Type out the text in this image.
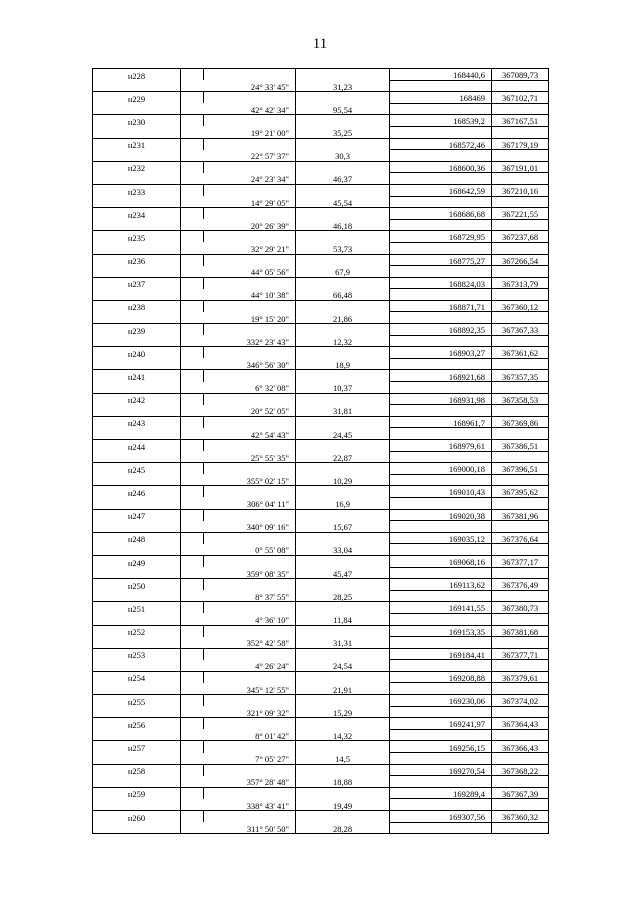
11
н228				168440,6	367089,73
	24° 33' 45"		31,23		
н229				168469	367102,71
	42° 42' 34"		95,54		
н230				168539,2	367167,51
	19° 21' 00"		35,25		
н231				168572,46	367179,19
	22° 57' 37"		30,3		
н232				168600,36	367191,01
	24° 23' 34"		46,37		
н233				168642,59	367210,16
	14° 29' 05"		45,54		
н234				168686,68	367221,55
	20° 26' 39"		46,18		
н235				168729,95	367237,68
	32° 29' 21"		53,73		
н236				168775,27	367266,54
	44° 05' 56"		67,9		
н237				168824,03	367313,79
	44° 10' 38"		66,48		
н238				168871,71	367360,12
	19° 15' 20"		21,86		
н239				168892,35	367367,33
	332° 23' 43"		12,32		
н240				168903,27	367361,62
	346° 56' 30"		18,9		
н241				168921,68	367357,35
	6° 32' 08"		10,37		
н242				168931,98	367358,53
	20° 52' 05"		31,81		
н243				168961,7	367369,86
	42° 54' 43"		24,45		
н244				168979,61	367386,51
	25° 55' 35"		22,87		
н245				169000,18	367396,51
	355° 02' 15"		10,29		
н246				169010,43	367395,62
	306° 04' 11"		16,9		
н247				169020,38	367381,96
	340° 09' 16"		15,67		
н248				169035,12	367376,64
	0° 55' 08"		33,04		
н249				169068,16	367377,17
	359° 08' 35"		45,47		
н250				169113,62	367376,49
	8° 37' 55"		28,25		
н251				169141,55	367380,73
	4° 36' 10"		11,84		
н252				169153,35	367381,68
	352° 42' 58"		31,31		
н253				169184,41	367377,71
	4° 26' 24"		24,54		
н254				169208,88	367379,61
	345° 12' 55"		21,91		
н255				169230,06	367374,02
	321° 09' 32"		15,29		
н256				169241,97	367364,43
	8° 01' 42"		14,32		
н257				169256,15	367366,43
	7° 05' 27"		14,5		
н258				169270,54	367368,22
	357° 28' 48"		18,88		
н259				169289,4	367367,39
	338° 43' 41"		19,49		
н260				169307,56	367360,32
	311° 50' 50"		28,28		
